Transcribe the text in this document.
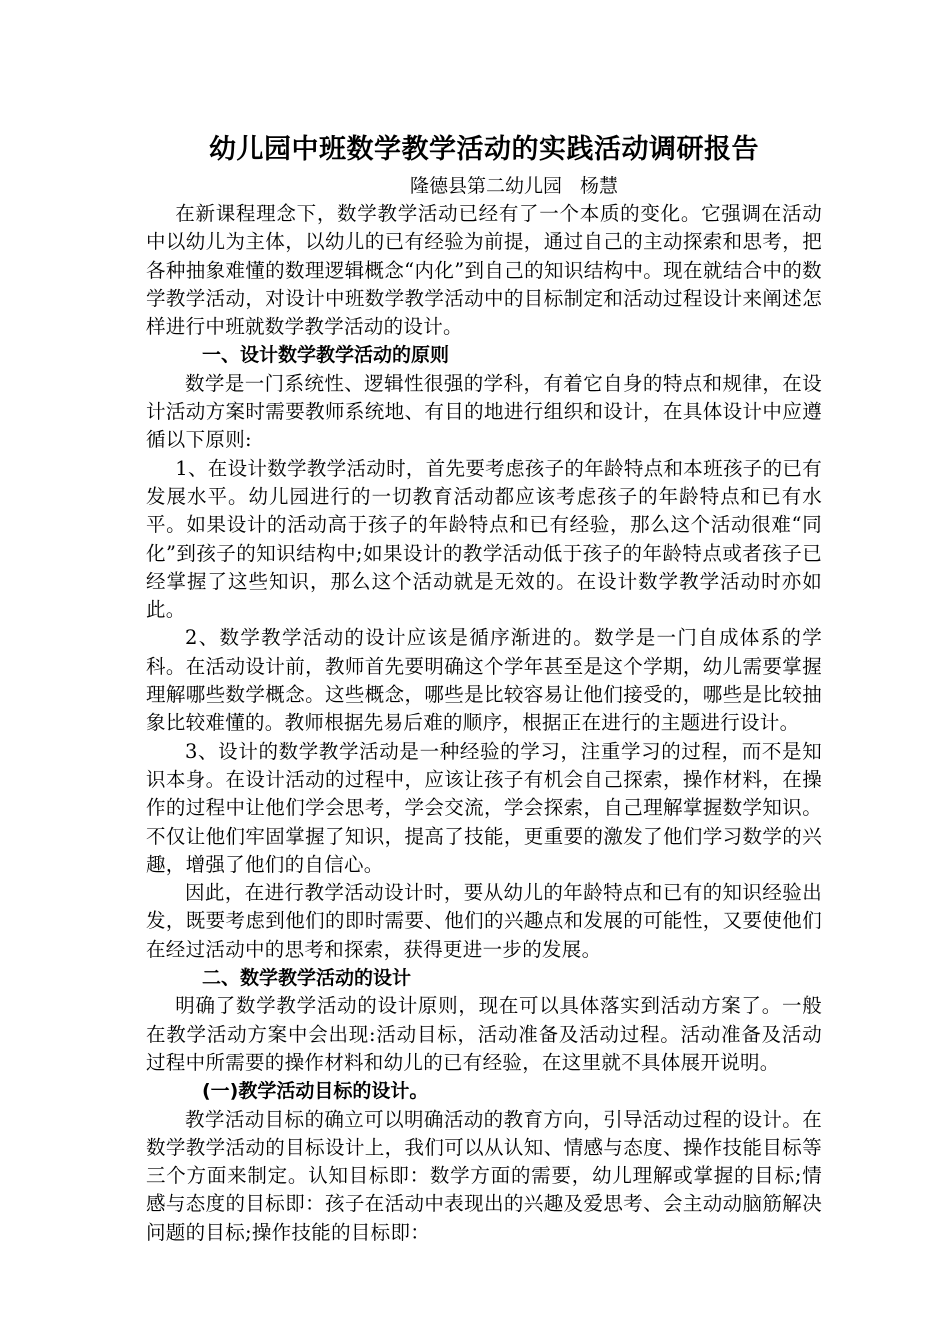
幼儿园中班数学教学活动的实践活动调研报告
隆德县第二幼儿园 杨慧

在新课程理念下，数学教学活动已经有了一个本质的变化。它强调在活动中以幼儿为主体，以幼儿的已有经验为前提，通过自己的主动探索和思考，把各种抽象难懂的数理逻辑概念“内化”到自己的知识结构中。现在就结合中的数学教学活动，对设计中班数学教学活动中的目标制定和活动过程设计来阐述怎样进行中班就数学教学活动的设计。

一、设计数学教学活动的原则

数学是一门系统性、逻辑性很强的学科，有着它自身的特点和规律，在设计活动方案时需要教师系统地、有目的地进行组织和设计，在具体设计中应遵循以下原则:

1、在设计数学教学活动时，首先要考虑孩子的年龄特点和本班孩子的已有发展水平。幼儿园进行的一切教育活动都应该考虑孩子的年龄特点和已有水平。如果设计的活动高于孩子的年龄特点和已有经验，那么这个活动很难“同化”到孩子的知识结构中;如果设计的教学活动低于孩子的年龄特点或者孩子已经掌握了这些知识，那么这个活动就是无效的。在设计数学教学活动时亦如此。

2、数学教学活动的设计应该是循序渐进的。数学是一门自成体系的学科。在活动设计前，教师首先要明确这个学年甚至是这个学期，幼儿需要掌握理解哪些数学概念。这些概念，哪些是比较容易让他们接受的，哪些是比较抽象比较难懂的。教师根据先易后难的顺序，根据正在进行的主题进行设计。

3、设计的数学教学活动是一种经验的学习，注重学习的过程，而不是知识本身。在设计活动的过程中，应该让孩子有机会自己探索，操作材料，在操作的过程中让他们学会思考，学会交流，学会探索，自己理解掌握数学知识。不仅让他们牢固掌握了知识，提高了技能，更重要的激发了他们学习数学的兴趣，增强了他们的自信心。

因此，在进行教学活动设计时，要从幼儿的年龄特点和已有的知识经验出发，既要考虑到他们的即时需要、他们的兴趣点和发展的可能性，又要使他们在经过活动中的思考和探索，获得更进一步的发展。

二、数学教学活动的设计

明确了数学教学活动的设计原则，现在可以具体落实到活动方案了。一般在教学活动方案中会出现:活动目标，活动准备及活动过程。活动准备及活动过程中所需要的操作材料和幼儿的已有经验，在这里就不具体展开说明。

(一)教学活动目标的设计。

教学活动目标的确立可以明确活动的教育方向，引导活动过程的设计。在数学教学活动的目标设计上，我们可以从认知、情感与态度、操作技能目标等三个方面来制定。认知目标即：数学方面的需要，幼儿理解或掌握的目标;情感与态度的目标即：孩子在活动中表现出的兴趣及爱思考、会主动动脑筋解决问题的目标;操作技能的目标即：
